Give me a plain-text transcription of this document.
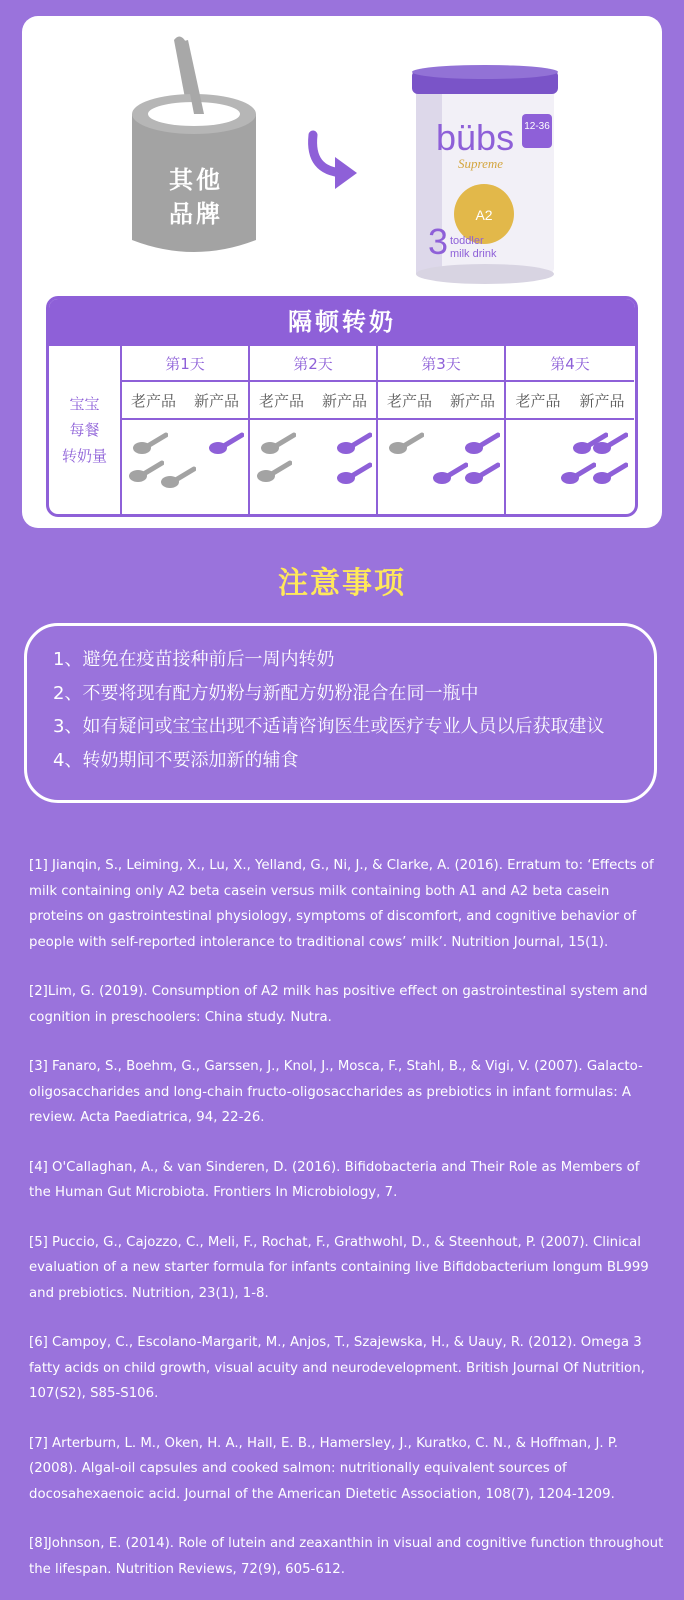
其他
品牌
12-36
bübs
Supreme
A2
3 toddler
milk drink
隔顿转奶
宝宝
每餐
转奶量
第1天
老产品 新产品
第2天
老产品 新产品
第3天
老产品 新产品
第4天
老产品 新产品
注意事项
1、避免在疫苗接种前后一周内转奶
2、不要将现有配方奶粉与新配方奶粉混合在同一瓶中
3、如有疑问或宝宝出现不适请咨询医生或医疗专业人员以后获取建议
4、转奶期间不要添加新的辅食

[1] Jianqin, S., Leiming, X., Lu, X., Yelland, G., Ni, J., & Clarke, A. (2016). Erratum to: ‘Effects of milk containing only A2 beta casein versus milk containing both A1 and A2 beta casein proteins on gastrointestinal physiology, symptoms of discomfort, and cognitive behavior of people with self-reported intolerance to traditional cows’ milk’. Nutrition Journal, 15(1).

[2]Lim, G. (2019). Consumption of A2 milk has positive effect on gastrointestinal system and cognition in preschoolers: China study. Nutra.

[3] Fanaro, S., Boehm, G., Garssen, J., Knol, J., Mosca, F., Stahl, B., & Vigi, V. (2007). Galacto-oligosaccharides and long-chain fructo-oligosaccharides as prebiotics in infant formulas: A review. Acta Paediatrica, 94, 22-26.

[4] O'Callaghan, A., & van Sinderen, D. (2016). Bifidobacteria and Their Role as Members of the Human Gut Microbiota. Frontiers In Microbiology, 7.

[5] Puccio, G., Cajozzo, C., Meli, F., Rochat, F., Grathwohl, D., & Steenhout, P. (2007). Clinical evaluation of a new starter formula for infants containing live Bifidobacterium longum BL999 and prebiotics. Nutrition, 23(1), 1-8.

[6] Campoy, C., Escolano-Margarit, M., Anjos, T., Szajewska, H., & Uauy, R. (2012). Omega 3 fatty acids on child growth, visual acuity and neurodevelopment. British Journal Of Nutrition, 107(S2), S85-S106.

[7] Arterburn, L. M., Oken, H. A., Hall, E. B., Hamersley, J., Kuratko, C. N., & Hoffman, J. P. (2008). Algal-oil capsules and cooked salmon: nutritionally equivalent sources of docosahexaenoic acid. Journal of the American Dietetic Association, 108(7), 1204-1209.

[8]Johnson, E. (2014). Role of lutein and zeaxanthin in visual and cognitive function throughout the lifespan. Nutrition Reviews, 72(9), 605-612.
